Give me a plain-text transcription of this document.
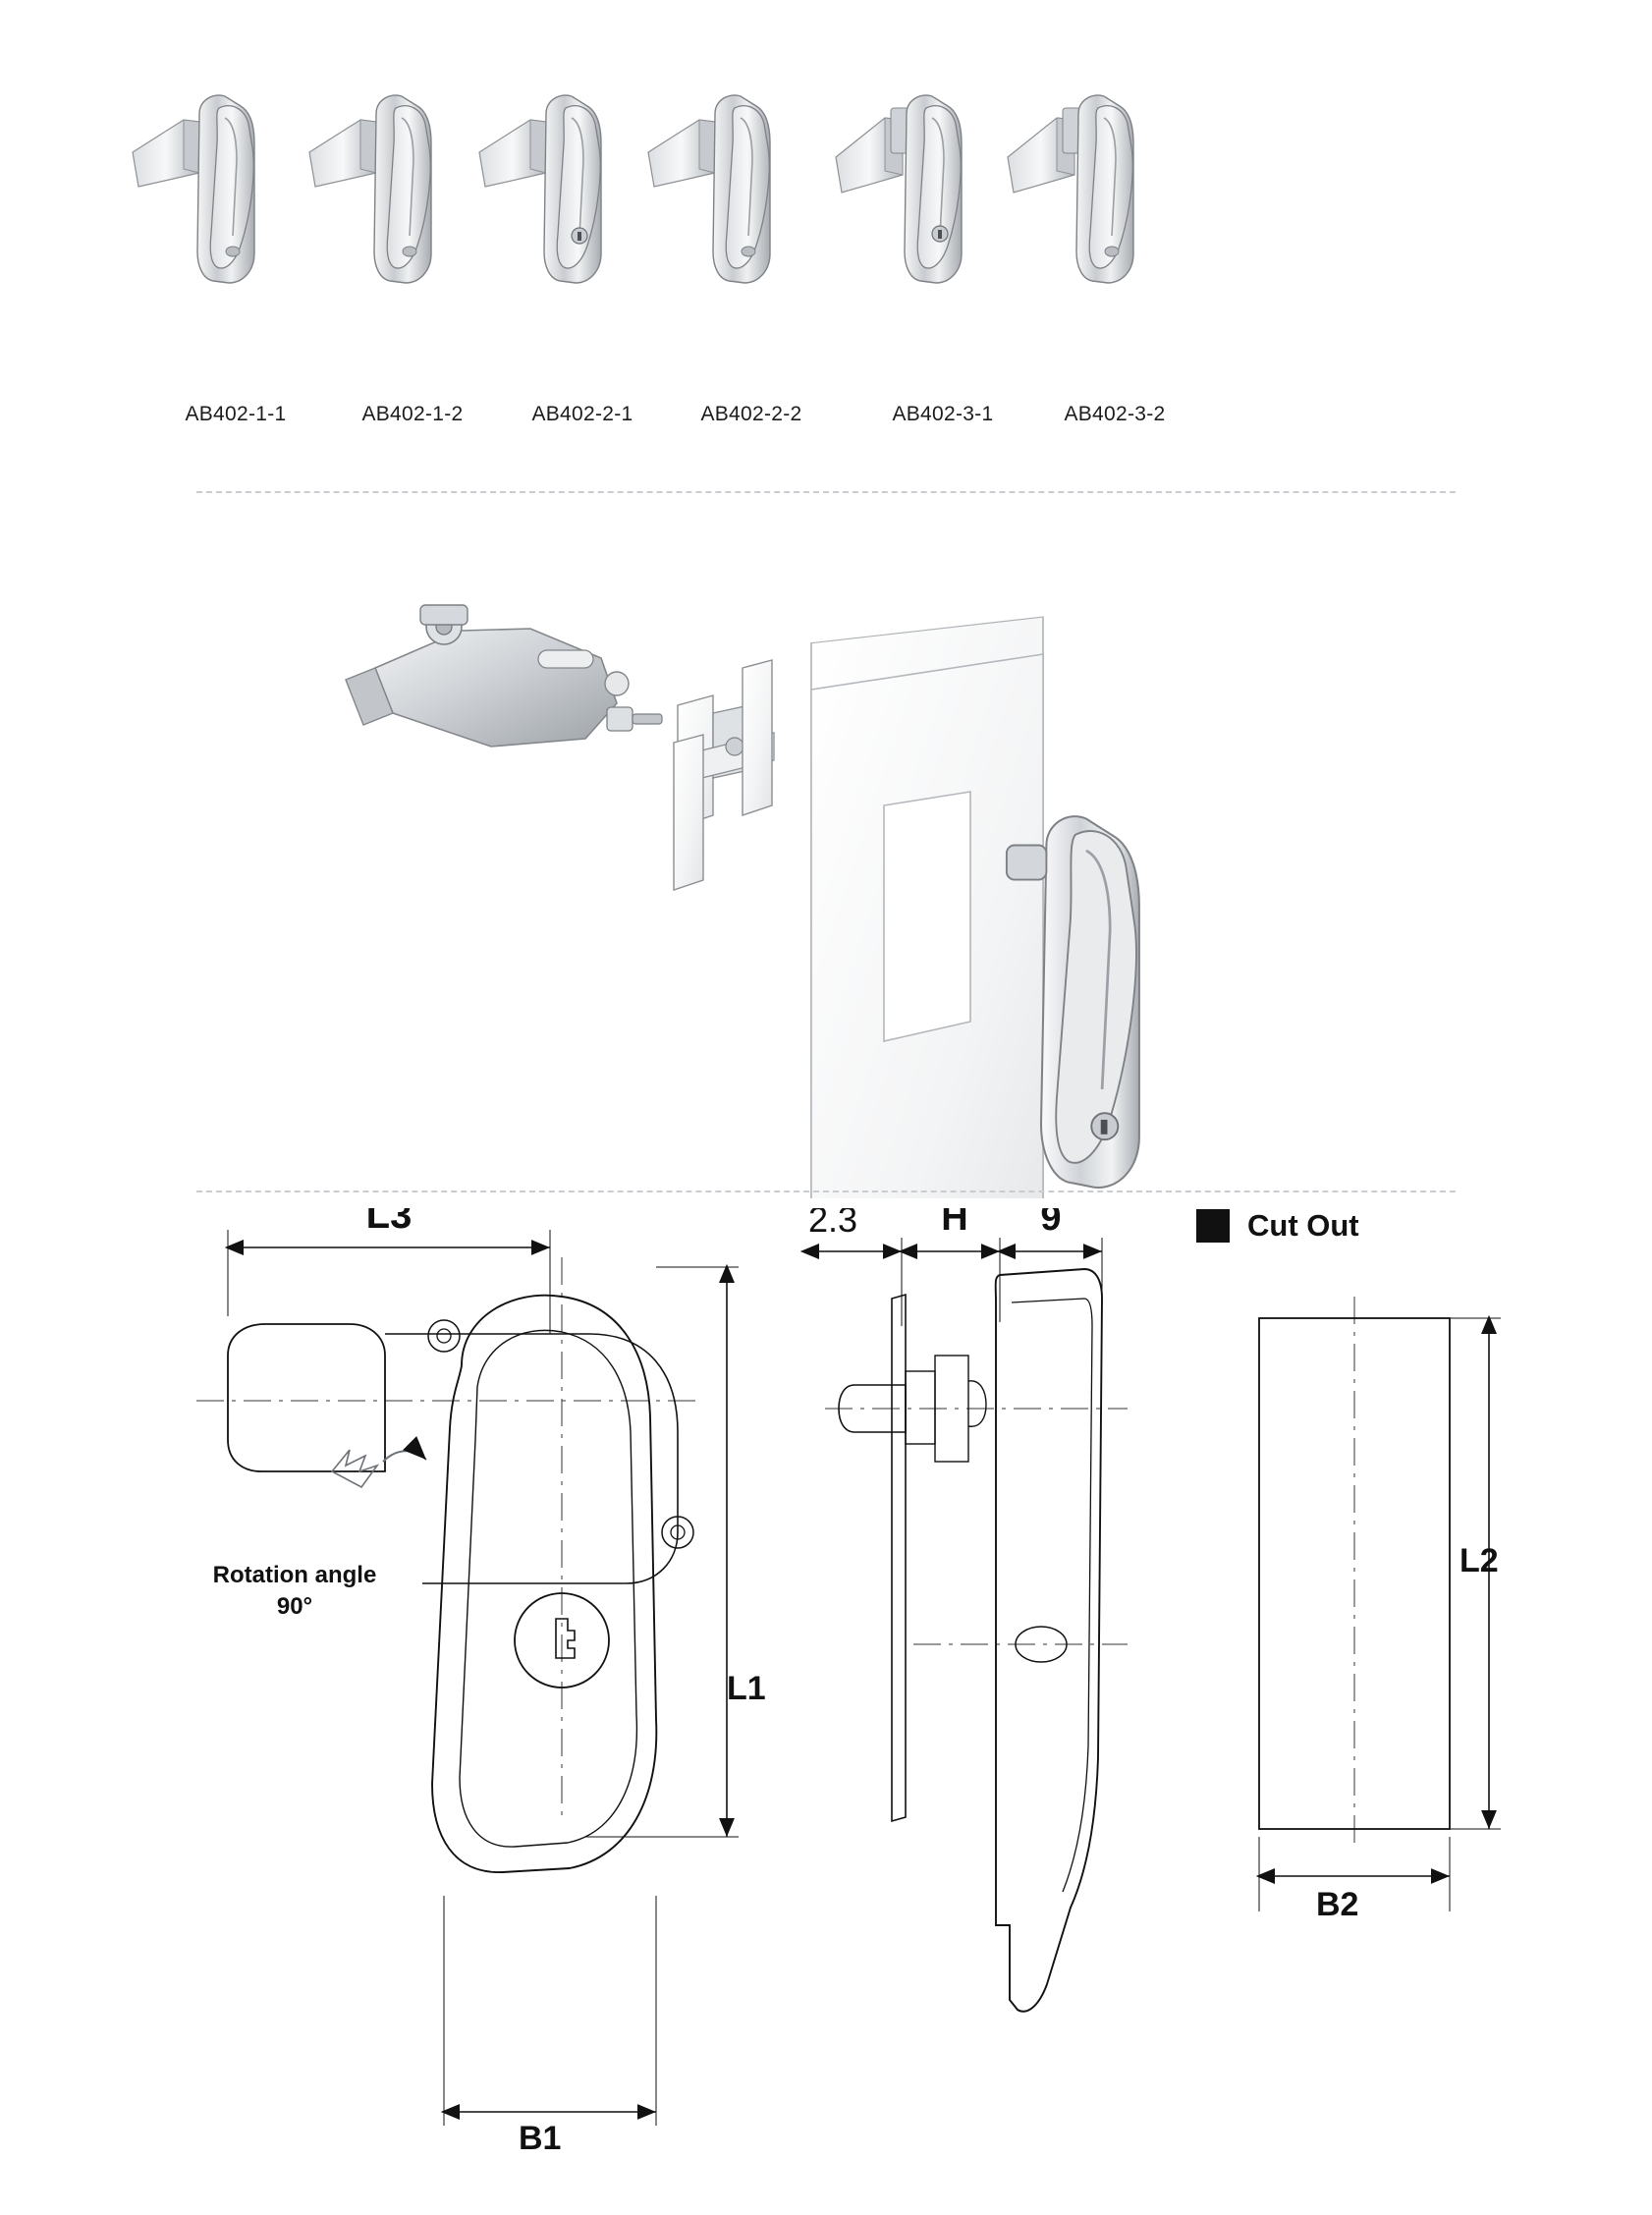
AB402-1-1	AB402-1-2	AB402-2-1	AB402-2-2	AB402-3-1	AB402-3-2
L3	2.3 H 9
L1
B1
L2
B2
Rotation angle
90°
Cut Out
